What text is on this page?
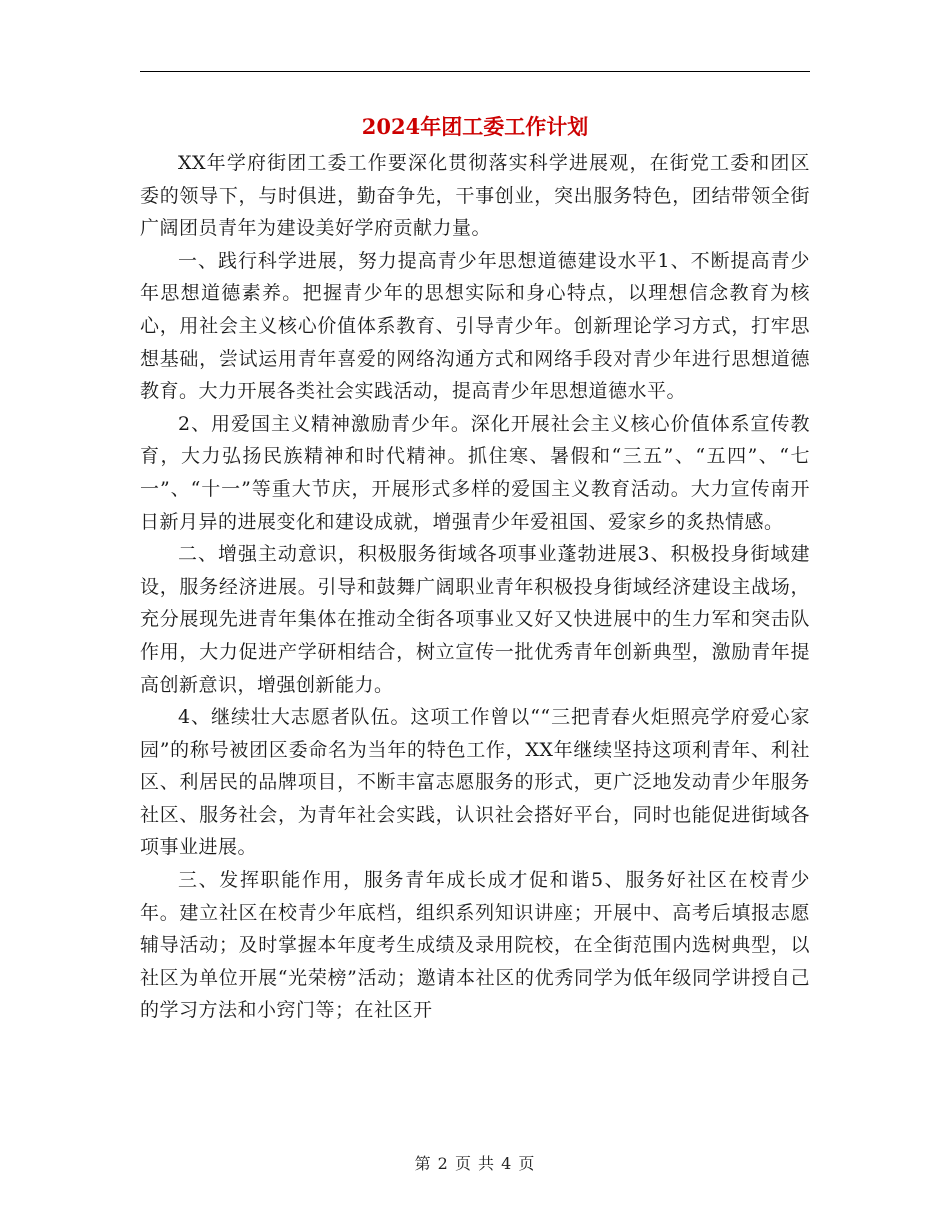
2024年团工委工作计划

XX年学府街团工委工作要深化贯彻落实科学进展观，在街党工委和团区委的领导下，与时俱进，勤奋争先，干事创业，突出服务特色，团结带领全街广阔团员青年为建设美好学府贡献力量。

一、践行科学进展，努力提高青少年思想道德建设水平1、不断提高青少年思想道德素养。把握青少年的思想实际和身心特点，以理想信念教育为核心，用社会主义核心价值体系教育、引导青少年。创新理论学习方式，打牢思想基础，尝试运用青年喜爱的网络沟通方式和网络手段对青少年进行思想道德教育。大力开展各类社会实践活动，提高青少年思想道德水平。

2、用爱国主义精神激励青少年。深化开展社会主义核心价值体系宣传教育，大力弘扬民族精神和时代精神。抓住寒、暑假和“三五”、“五四”、“七一”、“十一”等重大节庆，开展形式多样的爱国主义教育活动。大力宣传南开日新月异的进展变化和建设成就，增强青少年爱祖国、爱家乡的炙热情感。

二、增强主动意识，积极服务街域各项事业蓬勃进展3、积极投身街域建设，服务经济进展。引导和鼓舞广阔职业青年积极投身街域经济建设主战场，充分展现先进青年集体在推动全街各项事业又好又快进展中的生力军和突击队作用，大力促进产学研相结合，树立宣传一批优秀青年创新典型，激励青年提高创新意识，增强创新能力。

4、继续壮大志愿者队伍。这项工作曾以““三把青春火炬照亮学府爱心家园”的称号被团区委命名为当年的特色工作，XX年继续坚持这项利青年、利社区、利居民的品牌项目，不断丰富志愿服务的形式，更广泛地发动青少年服务社区、服务社会，为青年社会实践，认识社会搭好平台，同时也能促进街域各项事业进展。

三、发挥职能作用，服务青年成长成才促和谐5、服务好社区在校青少年。建立社区在校青少年底档，组织系列知识讲座；开展中、高考后填报志愿辅导活动；及时掌握本年度考生成绩及录用院校，在全街范围内选树典型，以社区为单位开展“光荣榜”活动；邀请本社区的优秀同学为低年级同学讲授自己的学习方法和小窍门等；在社区开

第 2 页 共 4 页
